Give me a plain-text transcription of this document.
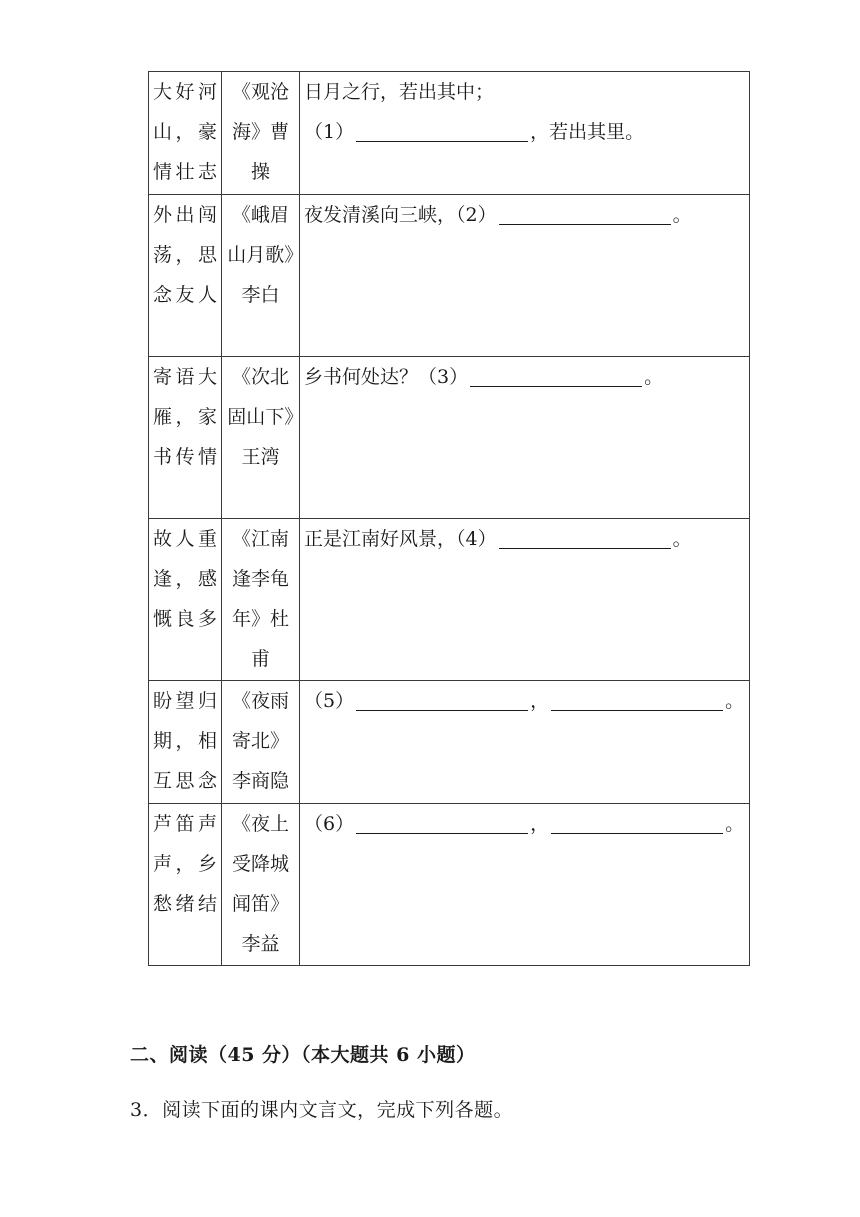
大好河山，豪情壮志	《观沧海》曹操	日月之行，若出其中；
（1） ，若出其里。

外出闯荡，思念友人	《峨眉山月歌》李白	夜发清溪向三峡，（2） 。

寄语大雁，家书传情	《次北固山下》王湾	乡书何处达？（3） 。

故人重逢，感慨良多	《江南逢李龟年》杜甫	正是江南好风景，（4） 。

盼望归期，相互思念	《夜雨寄北》李商隐	（5） ， 。

芦笛声声，乡愁绪结	《夜上受降城闻笛》李益	（6） ， 。
二、阅读（45 分）（本大题共 6 小题）
3．阅读下面的课内文言文，完成下列各题。
